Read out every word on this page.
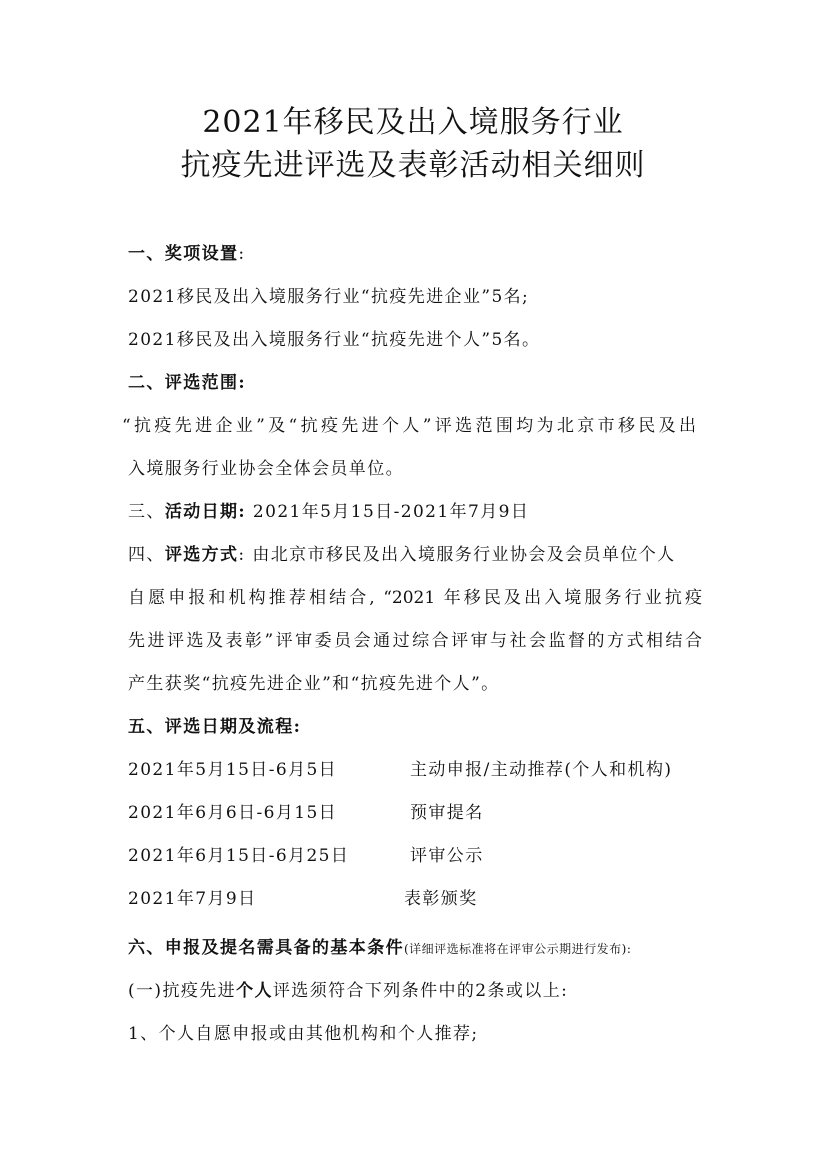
2021年移民及出入境服务行业
抗疫先进评选及表彰活动相关细则
一、奖项设置:
2021移民及出入境服务行业“抗疫先进企业”5名;
2021移民及出入境服务行业“抗疫先进个人”5名。
二、评选范围:
“抗疫先进企业”及“抗疫先进个人”评选范围均为北京市移民及出
入境服务行业协会全体会员单位。
三、活动日期: 2021年5月15日-2021年7月9日
四、评选方式: 由北京市移民及出入境服务行业协会及会员单位个人
自愿申报和机构推荐相结合, “2021 年移民及出入境服务行业抗疫
先进评选及表彰”评审委员会通过综合评审与社会监督的方式相结合
产生获奖“抗疫先进企业”和“抗疫先进个人”。
五、评选日期及流程:
2021年5月15日-6月5日	主动申报/主动推荐(个人和机构)
2021年6月6日-6月15日	预审提名
2021年6月15日-6月25日	评审公示
2021年7月9日	表彰颁奖
六、申报及提名需具备的基本条件(详细评选标准将在评审公示期进行发布):
(一)抗疫先进个人评选须符合下列条件中的2条或以上:
1、个人自愿申报或由其他机构和个人推荐;
